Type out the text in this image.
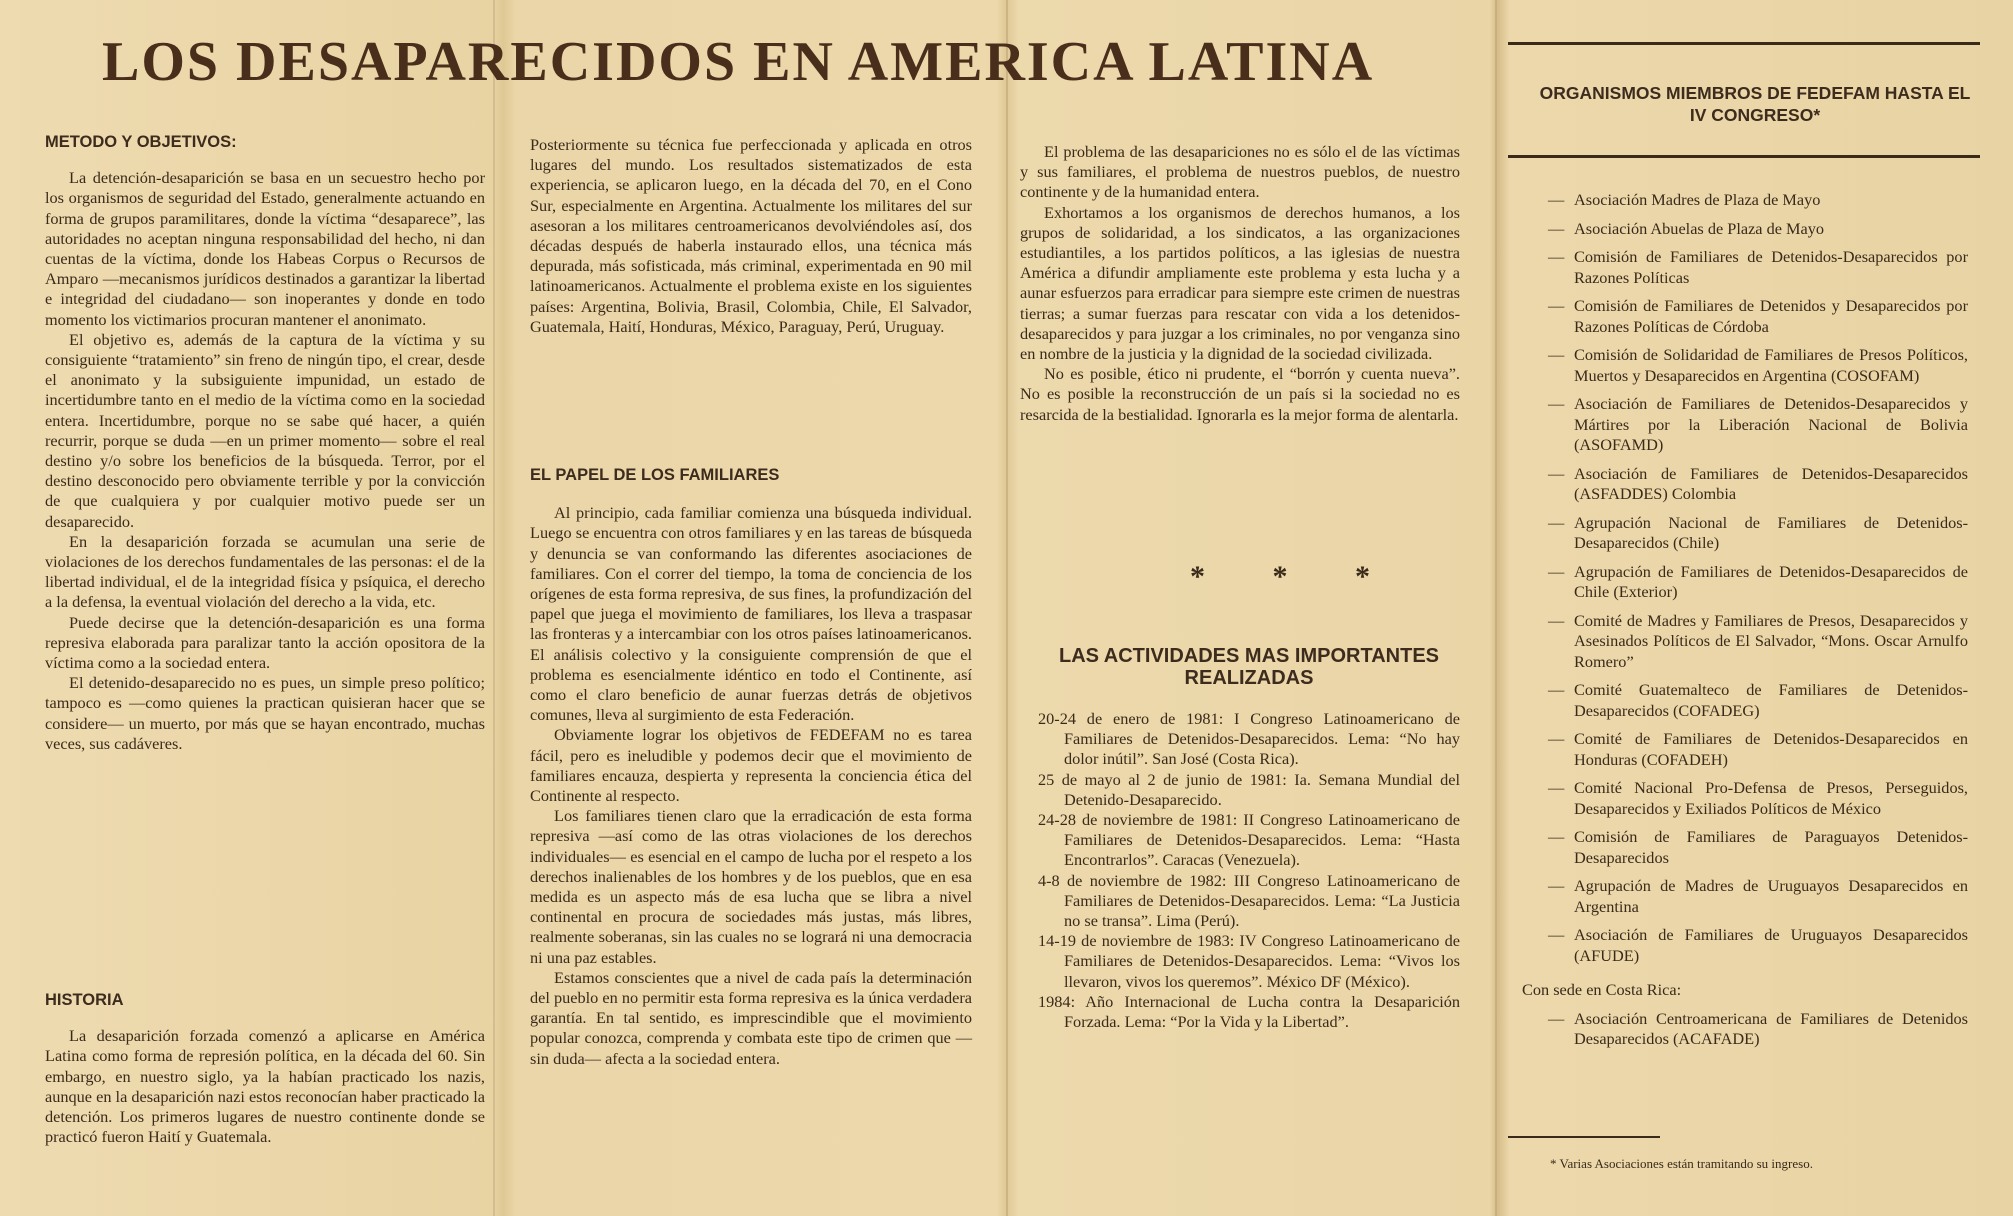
LOS DESAPARECIDOS EN AMERICA LATINA
METODO Y OBJETIVOS:

La detención-desaparición se basa en un secuestro hecho por los organismos de seguridad del Estado, generalmente actuando en forma de grupos paramilitares, donde la víctima “desaparece”, las autoridades no aceptan ninguna responsabilidad del hecho, ni dan cuentas de la víctima, donde los Habeas Corpus o Recursos de Amparo —mecanismos jurídicos destinados a garantizar la libertad e integridad del ciudadano— son inoperantes y donde en todo momento los victimarios procuran mantener el anonimato.

El objetivo es, además de la captura de la víctima y su consiguiente “tratamiento” sin freno de ningún tipo, el crear, desde el anonimato y la subsiguiente impunidad, un estado de incertidumbre tanto en el medio de la víctima como en la sociedad entera. Incertidumbre, porque no se sabe qué hacer, a quién recurrir, porque se duda —en un primer momento— sobre el real destino y/o sobre los beneficios de la búsqueda. Terror, por el destino desconocido pero obviamente terrible y por la convicción de que cualquiera y por cualquier motivo puede ser un desaparecido.

En la desaparición forzada se acumulan una serie de violaciones de los derechos fundamentales de las personas: el de la libertad individual, el de la integridad física y psíquica, el derecho a la defensa, la eventual violación del derecho a la vida, etc.

Puede decirse que la detención-desaparición es una forma represiva elaborada para paralizar tanto la acción opositora de la víctima como a la sociedad entera.

El detenido-desaparecido no es pues, un simple preso político; tampoco es —como quienes la practican quisieran hacer que se considere— un muerto, por más que se hayan encontrado, muchas veces, sus cadáveres.

HISTORIA

La desaparición forzada comenzó a aplicarse en América Latina como forma de represión política, en la década del 60. Sin embargo, en nuestro siglo, ya la habían practicado los nazis, aunque en la desaparición nazi estos reconocían haber practicado la detención. Los primeros lugares de nuestro continente donde se practicó fueron Haití y Guatemala.

Posteriormente su técnica fue perfeccionada y aplicada en otros lugares del mundo. Los resultados sistematizados de esta experiencia, se aplicaron luego, en la década del 70, en el Cono Sur, especialmente en Argentina. Actualmente los militares del sur asesoran a los militares centroamericanos devolviéndoles así, dos décadas después de haberla instaurado ellos, una técnica más depurada, más sofisticada, más criminal, experimentada en 90 mil latinoamericanos. Actualmente el problema existe en los siguientes países: Argentina, Bolivia, Brasil, Colombia, Chile, El Salvador, Guatemala, Haití, Honduras, México, Paraguay, Perú, Uruguay.

EL PAPEL DE LOS FAMILIARES

Al principio, cada familiar comienza una búsqueda individual. Luego se encuentra con otros familiares y en las tareas de búsqueda y denuncia se van conformando las diferentes asociaciones de familiares. Con el correr del tiempo, la toma de conciencia de los orígenes de esta forma represiva, de sus fines, la profundización del papel que juega el movimiento de familiares, los lleva a traspasar las fronteras y a intercambiar con los otros países latinoamericanos. El análisis colectivo y la consiguiente comprensión de que el problema es esencialmente idéntico en todo el Continente, así como el claro beneficio de aunar fuerzas detrás de objetivos comunes, lleva al surgimiento de esta Federación.

Obviamente lograr los objetivos de FEDEFAM no es tarea fácil, pero es ineludible y podemos decir que el movimiento de familiares encauza, despierta y representa la conciencia ética del Continente al respecto.

Los familiares tienen claro que la erradicación de esta forma represiva —así como de las otras violaciones de los derechos individuales— es esencial en el campo de lucha por el respeto a los derechos inalienables de los hombres y de los pueblos, que en esa medida es un aspecto más de esa lucha que se libra a nivel continental en procura de sociedades más justas, más libres, realmente soberanas, sin las cuales no se logrará ni una democracia ni una paz estables.

Estamos conscientes que a nivel de cada país la determinación del pueblo en no permitir esta forma represiva es la única verdadera garantía. En tal sentido, es imprescindible que el movimiento popular conozca, comprenda y combata este tipo de crimen que —sin duda— afecta a la sociedad entera.

El problema de las desapariciones no es sólo el de las víctimas y sus familiares, el problema de nuestros pueblos, de nuestro continente y de la humanidad entera.

Exhortamos a los organismos de derechos humanos, a los grupos de solidaridad, a los sindicatos, a las organizaciones estudiantiles, a los partidos políticos, a las iglesias de nuestra América a difundir ampliamente este problema y esta lucha y a aunar esfuerzos para erradicar para siempre este crimen de nuestras tierras; a sumar fuerzas para rescatar con vida a los detenidos-desaparecidos y para juzgar a los criminales, no por venganza sino en nombre de la justicia y la dignidad de la sociedad civilizada.

No es posible, ético ni prudente, el “borrón y cuenta nueva”. No es posible la reconstrucción de un país si la sociedad no es resarcida de la bestialidad. Ignorarla es la mejor forma de alentarla.

* * *
LAS ACTIVIDADES MAS IMPORTANTES REALIZADAS

20-24 de enero de 1981: I Congreso Latinoamericano de Familiares de Detenidos-Desaparecidos. Lema: “No hay dolor inútil”. San José (Costa Rica).

25 de mayo al 2 de junio de 1981: Ia. Semana Mundial del Detenido-Desaparecido.

24-28 de noviembre de 1981: II Congreso Latinoamericano de Familiares de Detenidos-Desaparecidos. Lema: “Hasta Encontrarlos”. Caracas (Venezuela).

4-8 de noviembre de 1982: III Congreso Latinoamericano de Familiares de Detenidos-Desaparecidos. Lema: “La Justicia no se transa”. Lima (Perú).

14-19 de noviembre de 1983: IV Congreso Latinoamericano de Familiares de Detenidos-Desaparecidos. Lema: “Vivos los llevaron, vivos los queremos”. México DF (México).

1984: Año Internacional de Lucha contra la Desaparición Forzada. Lema: “Por la Vida y la Libertad”.

ORGANISMOS MIEMBROS DE FEDEFAM HASTA EL IV CONGRESO*
— Asociación Madres de Plaza de Mayo
— Asociación Abuelas de Plaza de Mayo
— Comisión de Familiares de Detenidos-Desaparecidos por Razones Políticas
— Comisión de Familiares de Detenidos y Desaparecidos por Razones Políticas de Córdoba
— Comisión de Solidaridad de Familiares de Presos Políticos, Muertos y Desaparecidos en Argentina (COSOFAM)
— Asociación de Familiares de Detenidos-Desaparecidos y Mártires por la Liberación Nacional de Bolivia (ASOFAMD)
— Asociación de Familiares de Detenidos-Desaparecidos (ASFADDES) Colombia
— Agrupación Nacional de Familiares de Detenidos-Desaparecidos (Chile)
— Agrupación de Familiares de Detenidos-Desaparecidos de Chile (Exterior)
— Comité de Madres y Familiares de Presos, Desaparecidos y Asesinados Políticos de El Salvador, “Mons. Oscar Arnulfo Romero”
— Comité Guatemalteco de Familiares de Detenidos-Desaparecidos (COFADEG)
— Comité de Familiares de Detenidos-Desaparecidos en Honduras (COFADEH)
— Comité Nacional Pro-Defensa de Presos, Perseguidos, Desaparecidos y Exiliados Políticos de México
— Comisión de Familiares de Paraguayos Detenidos-Desaparecidos
— Agrupación de Madres de Uruguayos Desaparecidos en Argentina
— Asociación de Familiares de Uruguayos Desaparecidos (AFUDE)
Con sede en Costa Rica:
— Asociación Centroamericana de Familiares de Detenidos Desaparecidos (ACAFADE)
* Varias Asociaciones están tramitando su ingreso.
